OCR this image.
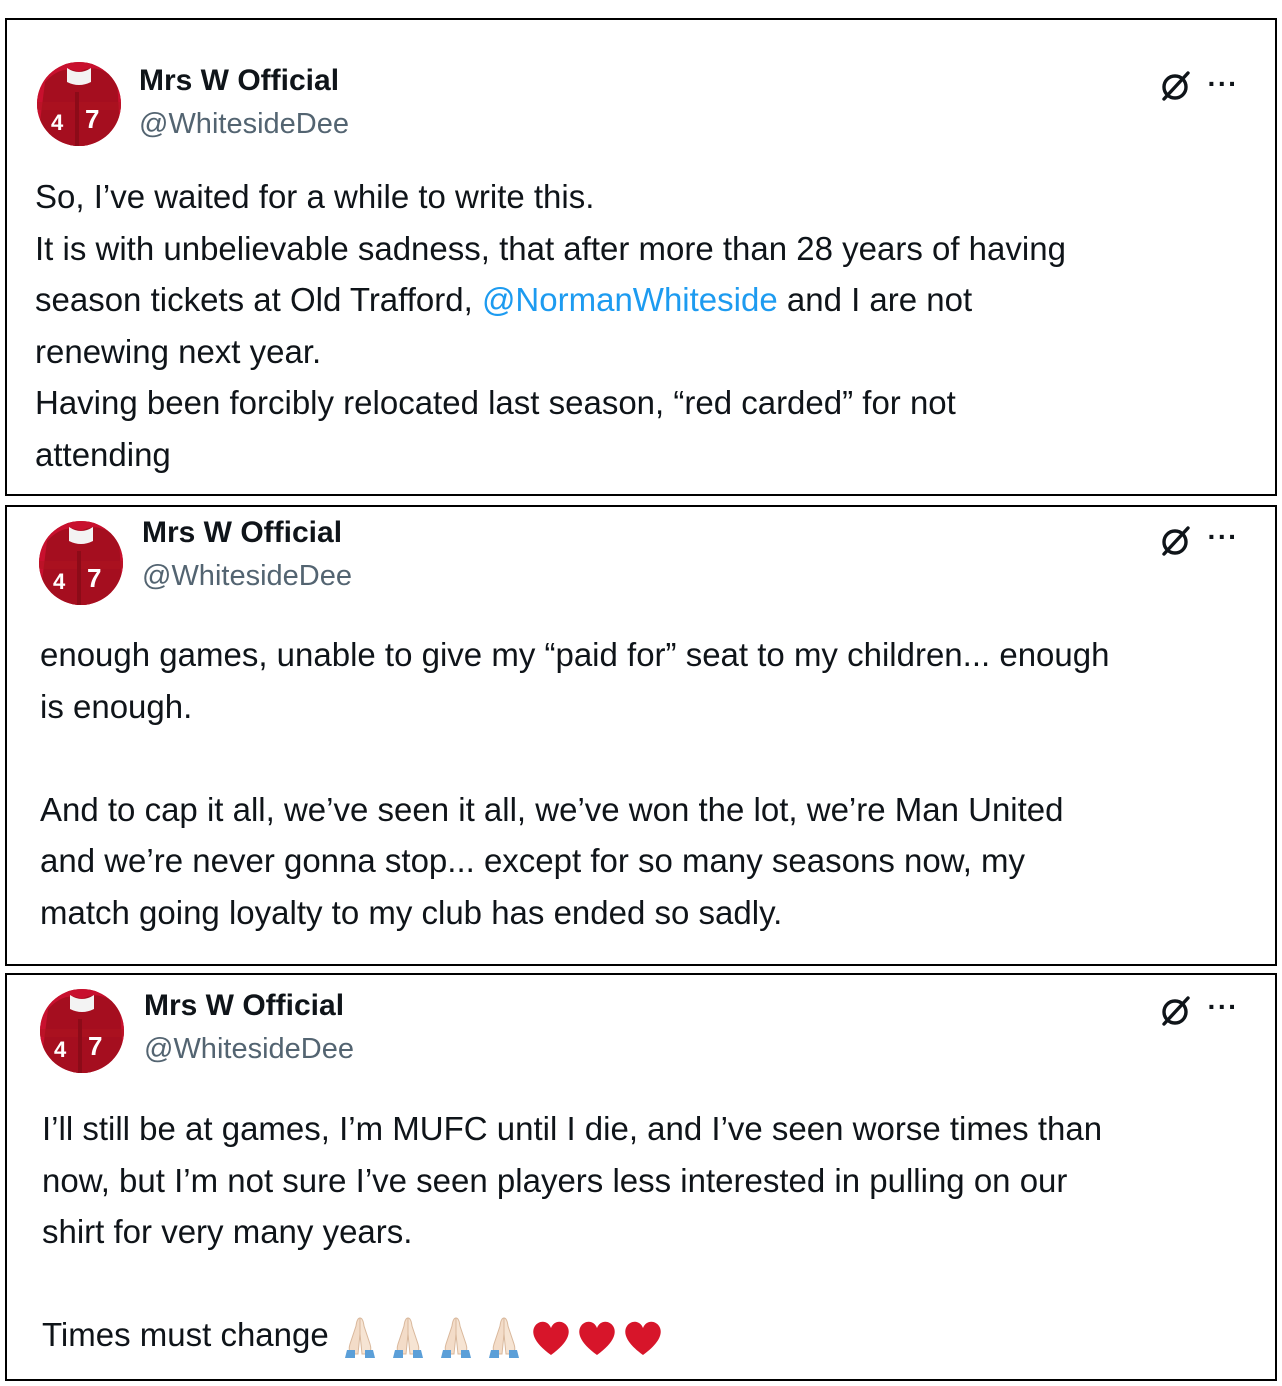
4 7
Mrs W Official
@WhitesideDee
···

So, I’ve waited for a while to write this.

It is with unbelievable sadness, that after more than 28 years of having

season tickets at Old Trafford, @NormanWhiteside and I are not

renewing next year.

Having been forcibly relocated last season, “red carded” for not

attending

4 7
Mrs W Official
@WhitesideDee
···

enough games, unable to give my “paid for” seat to my children... enough

is enough.

And to cap it all, we’ve seen it all, we’ve won the lot, we’re Man United

and we’re never gonna stop... except for so many seasons now, my

match going loyalty to my club has ended so sadly.

4 7
Mrs W Official
@WhitesideDee
···

I’ll still be at games, I’m MUFC until I die, and I’ve seen worse times than

now, but I’m not sure I’ve seen players less interested in pulling on our

shirt for very many years.

Times must change
